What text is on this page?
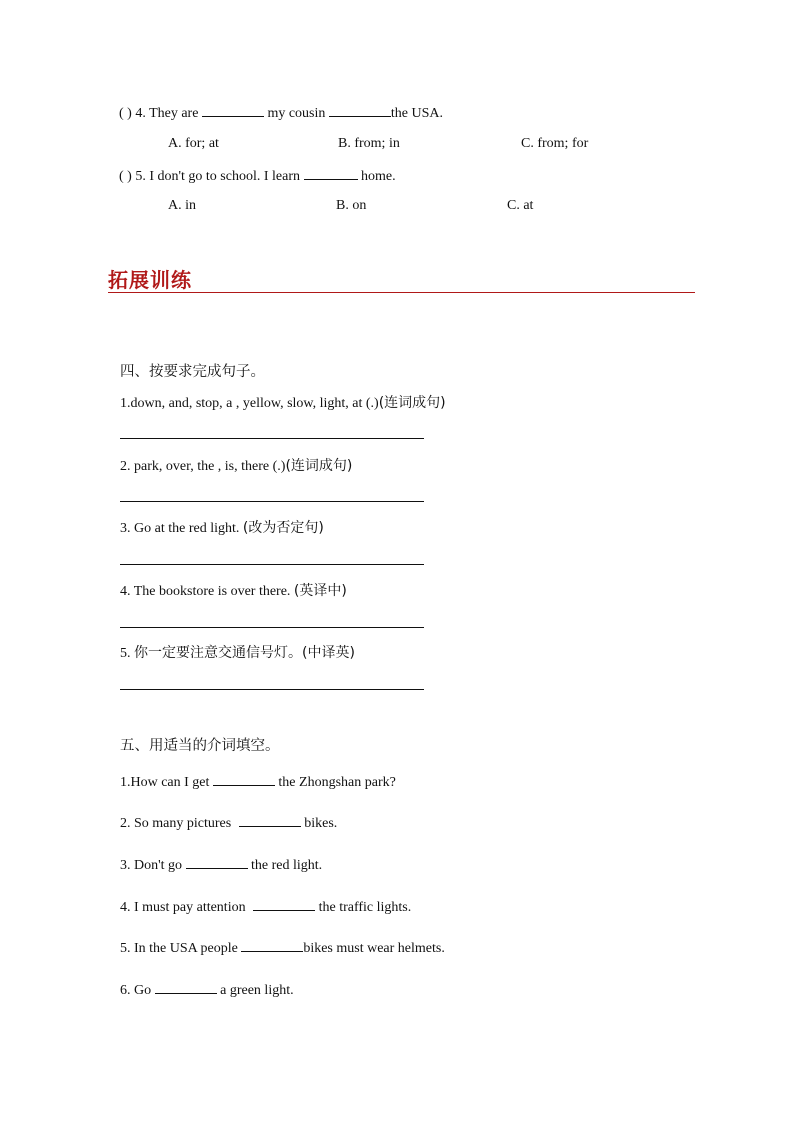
( ) 4. They are	my cousin	the USA.
A. for; at	B. from; in	C. from; for
( ) 5. I don't go to school. I learn	home.
A. in	B. on	C. at
拓展训练
四、按要求完成句子。
1.down, and, stop, a , yellow, slow, light, at (.)(连词成句)
2. park, over, the , is, there (.)(连词成句)
3. Go at the red light. (改为否定句)
4. The bookstore is over there. (英译中)
5. 你一定要注意交通信号灯。(中译英)
五、用适当的介词填空。
1.How can I get	the Zhongshan park?
2. So many pictures	bikes.
3. Don't go	the red light.
4. I must pay attention	the traffic lights.
5. In the USA people	bikes must wear helmets.
6. Go	a green light.
